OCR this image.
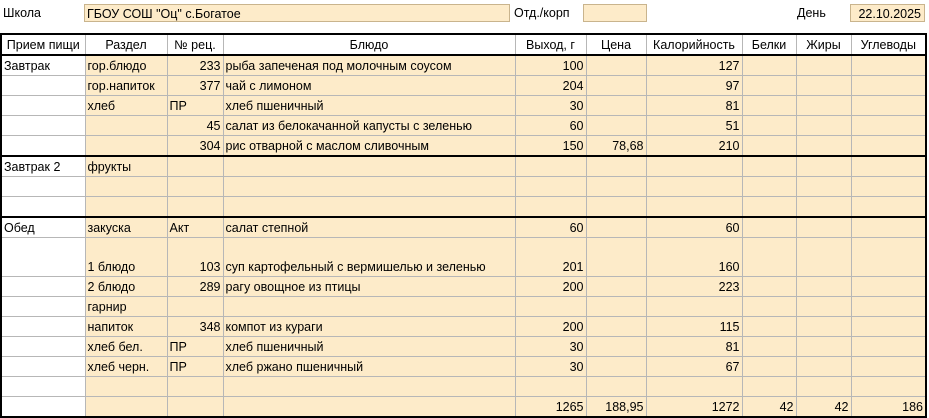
Школа	ГБОУ СОШ "Оц" с.Богатое	Отд./корп	День	22.10.2025
Прием пищи	Раздел	№ рец.	Блюдо	Выход, г	Цена	Калорийность	Белки	Жиры	Углеводы
Завтрак	гор.блюдо	233	рыба запеченая под молочным соусом	100		127			
	гор.напиток	377	чай с лимоном	204		97			
	хлеб	ПР	хлеб пшеничный	30		81			
		45	салат из белокачанной капусты с зеленью	60		51			
		304	рис отварной с маслом сливочным	150	78,68	210			
Завтрак 2	фрукты								

Обед	закуска	Акт	салат степной	60		60			
	1 блюдо	103	суп картофельный с вермишелью и зеленью	201		160			
	2 блюдо	289	рагу овощное из птицы	200		223			
	гарнир								
	напиток	348	компот из кураги	200		115			
	хлеб бел.	ПР	хлеб пшеничный	30		81			
	хлеб черн.	ПР	хлеб ржано пшеничный	30		67			

				1265	188,95	1272	42	42	186
